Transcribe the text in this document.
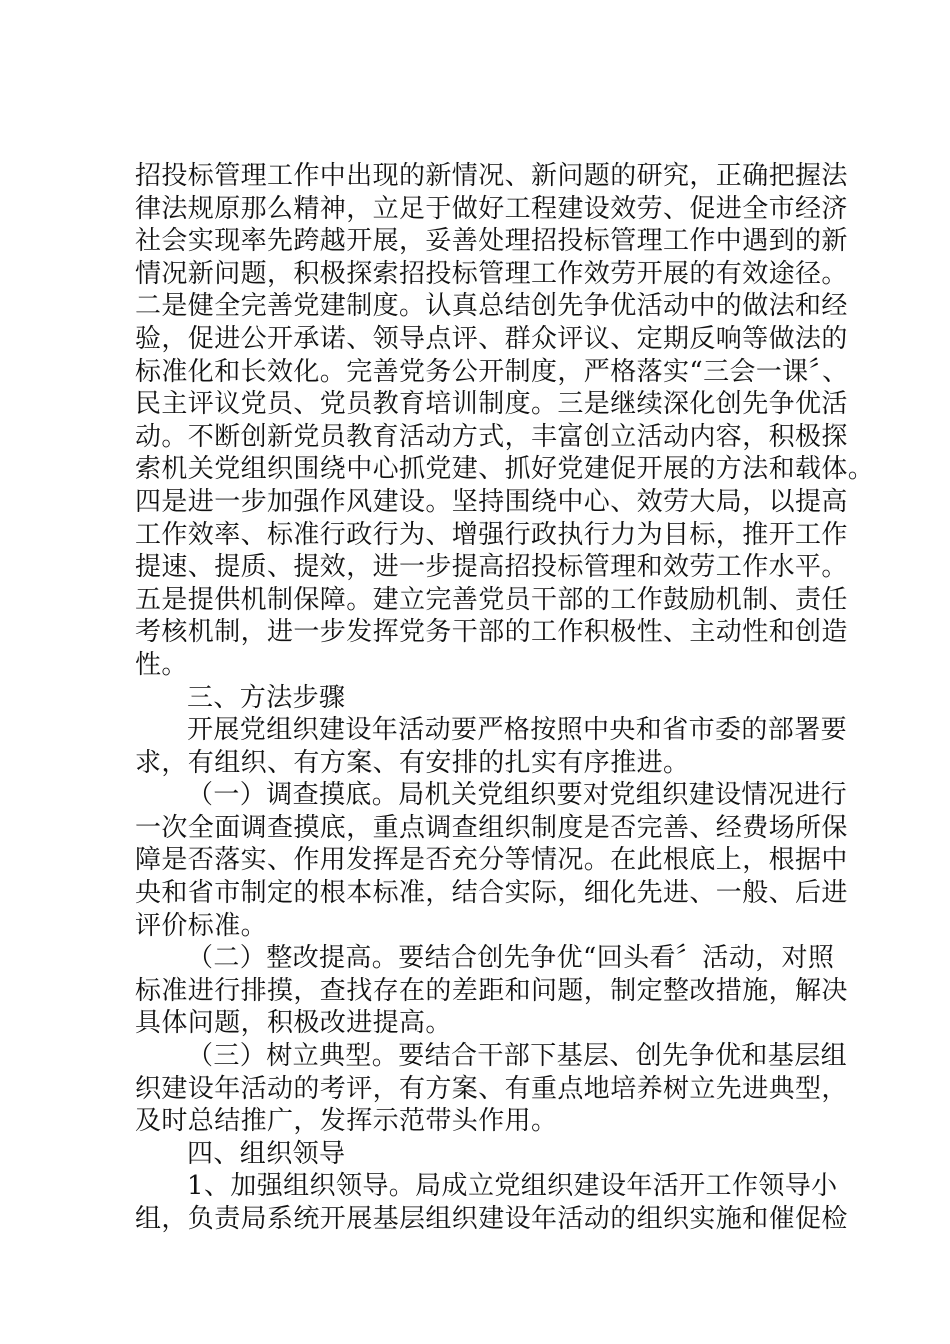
招投标管理工作中出现的新情况、新问题的研究，正确把握法
律法规原那么精神，立足于做好工程建设效劳、促进全市经济
社会实现率先跨越开展，妥善处理招投标管理工作中遇到的新
情况新问题，积极探索招投标管理工作效劳开展的有效途径。
二是健全完善党建制度。认真总结创先争优活动中的做法和经
验，促进公开承诺、领导点评、群众评议、定期反响等做法的
标准化和长效化。完善党务公开制度，严格落实“三会一课〞、
民主评议党员、党员教育培训制度。三是继续深化创先争优活
动。不断创新党员教育活动方式，丰富创立活动内容，积极探
索机关党组织围绕中心抓党建、抓好党建促开展的方法和载体。
四是进一步加强作风建设。坚持围绕中心、效劳大局，以提高
工作效率、标准行政行为、增强行政执行力为目标，推开工作
提速、提质、提效，进一步提高招投标管理和效劳工作水平。
五是提供机制保障。建立完善党员干部的工作鼓励机制、责任
考核机制，进一步发挥党务干部的工作积极性、主动性和创造
性。

三、方法步骤

开展党组织建设年活动要严格按照中央和省市委的部署要
求，有组织、有方案、有安排的扎实有序推进。

（一）调查摸底。局机关党组织要对党组织建设情况进行
一次全面调查摸底，重点调查组织制度是否完善、经费场所保
障是否落实、作用发挥是否充分等情况。在此根底上，根据中
央和省市制定的根本标准，结合实际，细化先进、一般、后进
评价标准。

（二）整改提高。要结合创先争优“回头看〞活动，对照
标准进行排摸，查找存在的差距和问题，制定整改措施，解决
具体问题，积极改进提高。

（三）树立典型。要结合干部下基层、创先争优和基层组
织建设年活动的考评，有方案、有重点地培养树立先进典型，
及时总结推广，发挥示范带头作用。

四、组织领导

1、加强组织领导。局成立党组织建设年活开工作领导小
组，负责局系统开展基层组织建设年活动的组织实施和催促检
